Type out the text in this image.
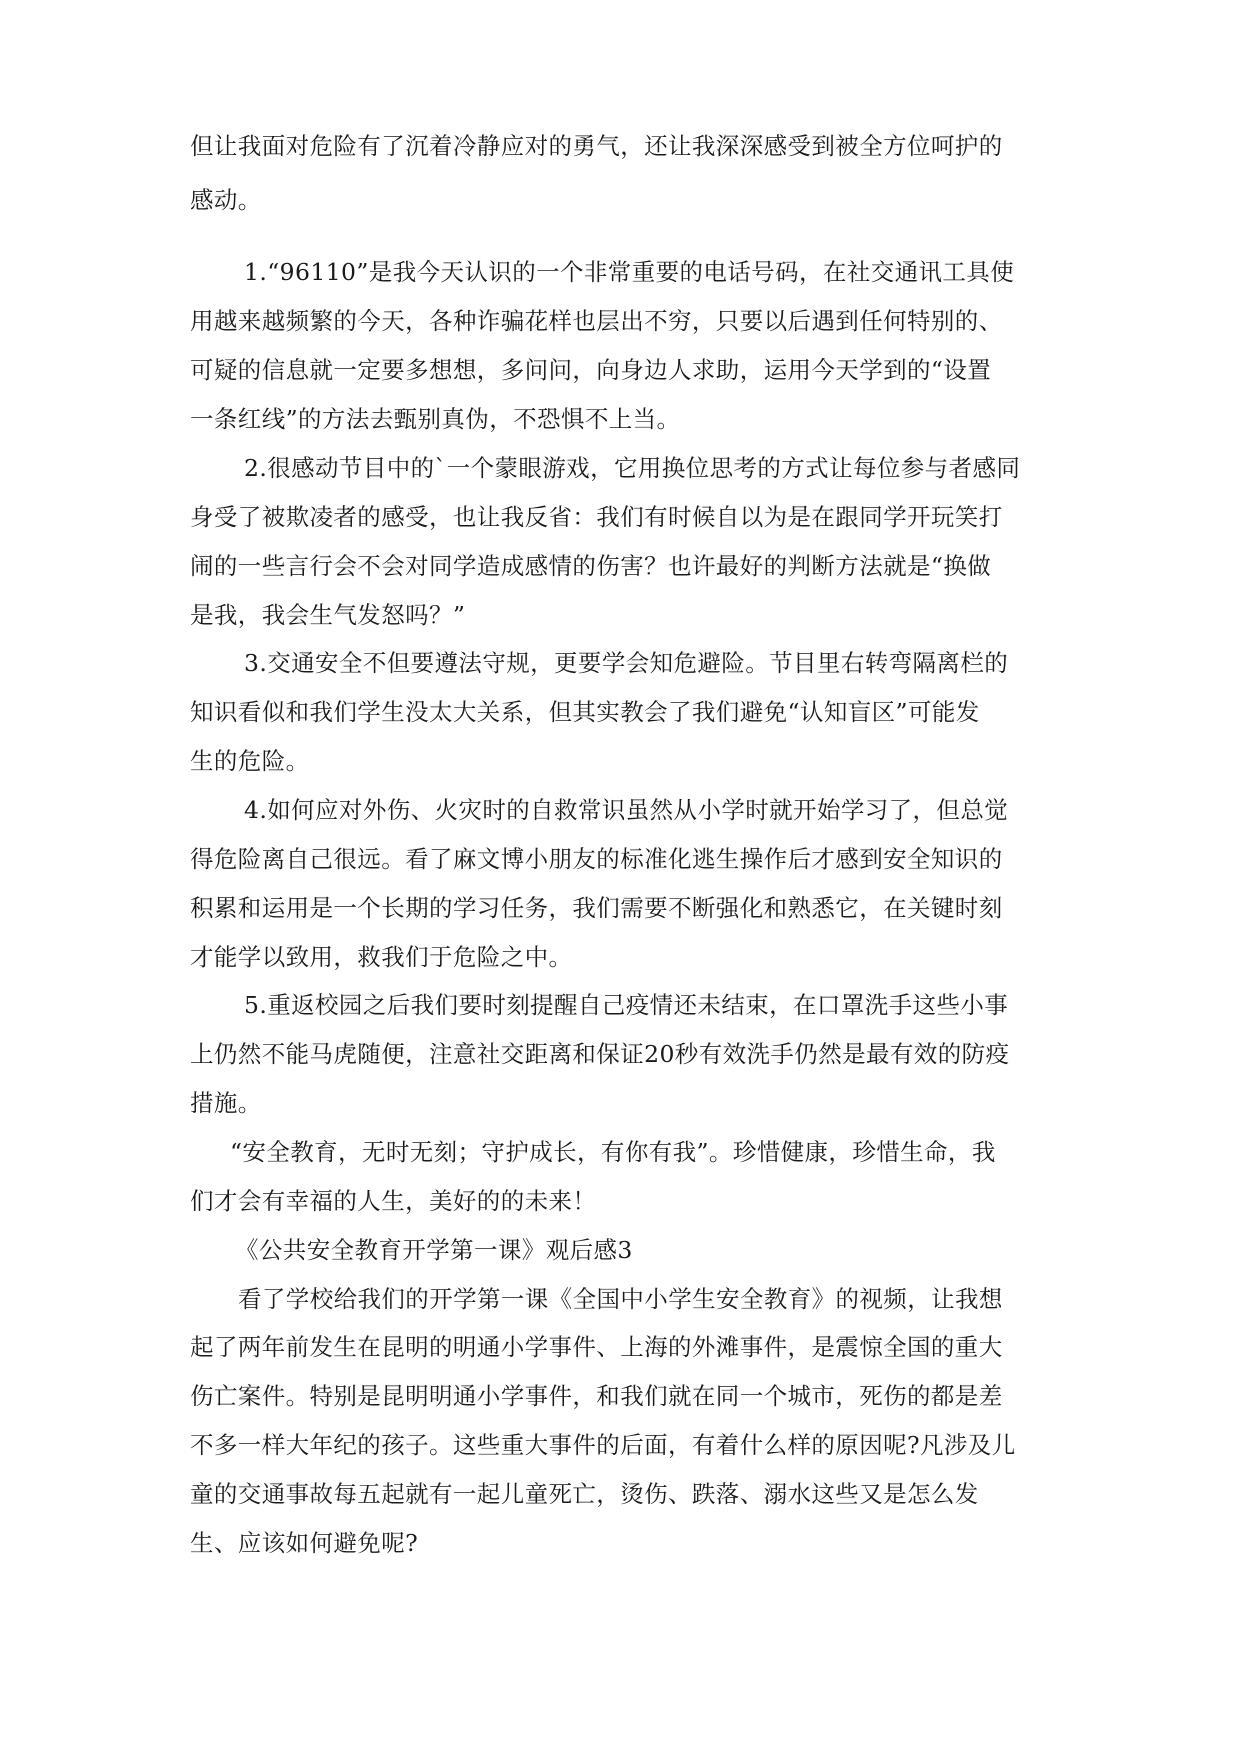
但让我面对危险有了沉着冷静应对的勇气，还让我深深感受到被全方位呵护的

感动。

1.“96110”是我今天认识的一个非常重要的电话号码，在社交通讯工具使

用越来越频繁的今天，各种诈骗花样也层出不穷，只要以后遇到任何特别的、

可疑的信息就一定要多想想，多问问，向身边人求助，运用今天学到的“设置

一条红线”的方法去甄别真伪，不恐惧不上当。

2.很感动节目中的`一个蒙眼游戏，它用换位思考的方式让每位参与者感同

身受了被欺凌者的感受，也让我反省：我们有时候自以为是在跟同学开玩笑打

闹的一些言行会不会对同学造成感情的伤害？也许最好的判断方法就是“换做

是我，我会生气发怒吗？”

3.交通安全不但要遵法守规，更要学会知危避险。节目里右转弯隔离栏的

知识看似和我们学生没太大关系，但其实教会了我们避免“认知盲区”可能发

生的危险。

4.如何应对外伤、火灾时的自救常识虽然从小学时就开始学习了，但总觉

得危险离自己很远。看了麻文博小朋友的标准化逃生操作后才感到安全知识的

积累和运用是一个长期的学习任务，我们需要不断强化和熟悉它，在关键时刻

才能学以致用，救我们于危险之中。

5.重返校园之后我们要时刻提醒自己疫情还未结束，在口罩洗手这些小事

上仍然不能马虎随便，注意社交距离和保证20秒有效洗手仍然是最有效的防疫

措施。

“安全教育，无时无刻；守护成长，有你有我”。珍惜健康，珍惜生命，我

们才会有幸福的人生，美好的的未来！

《公共安全教育开学第一课》观后感3

看了学校给我们的开学第一课《全国中小学生安全教育》的视频，让我想

起了两年前发生在昆明的明通小学事件、上海的外滩事件，是震惊全国的重大

伤亡案件。特别是昆明明通小学事件，和我们就在同一个城市，死伤的都是差

不多一样大年纪的孩子。这些重大事件的后面，有着什么样的原因呢?凡涉及儿

童的交通事故每五起就有一起儿童死亡，烫伤、跌落、溺水这些又是怎么发

生、应该如何避免呢?
